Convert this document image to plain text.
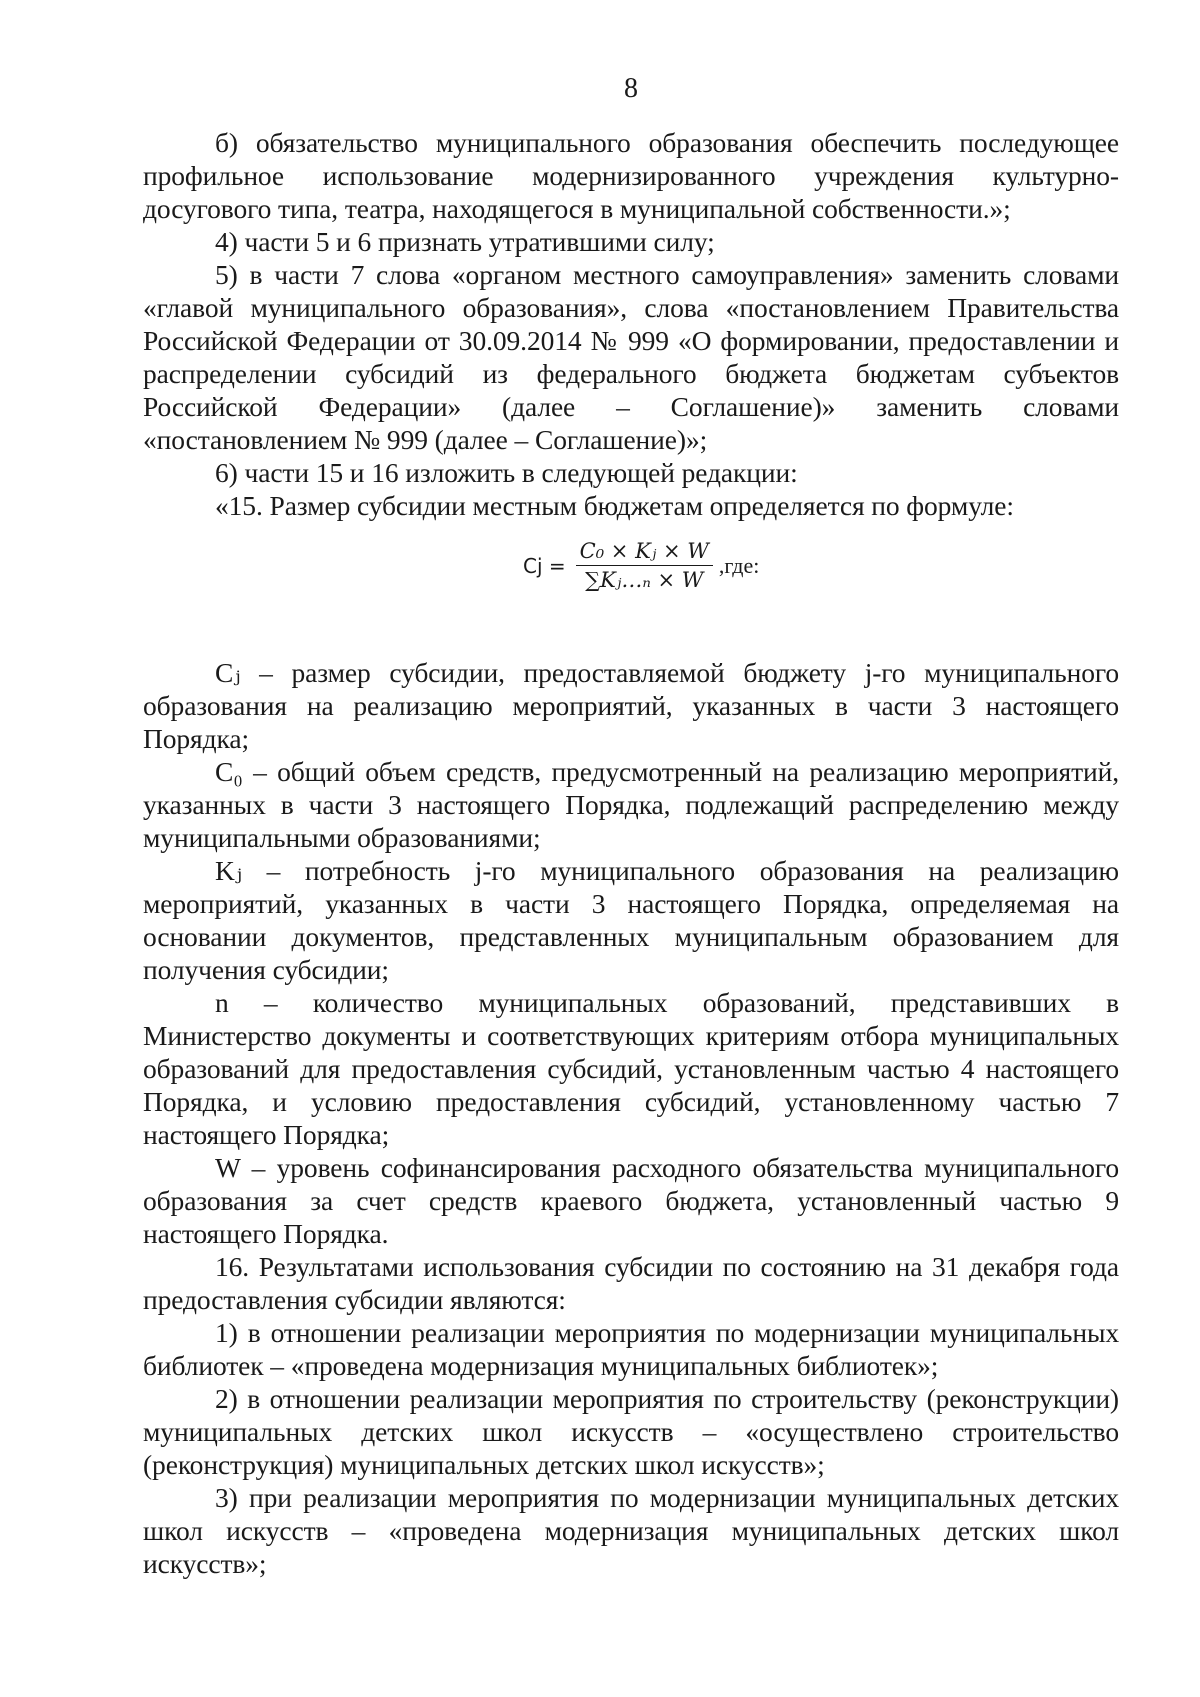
8

б) обязательство муниципального образования обеспечить последующее профильное использование модернизированного учреждения культурно-досугового типа, театра, находящегося в муниципальной собственности.»;

4) части 5 и 6 признать утратившими силу;

5) в части 7 слова «органом местного самоуправления» заменить словами «главой муниципального образования», слова «постановлением Правительства Российской Федерации от 30.09.2014 № 999 «О формировании, предоставлении и распределении субсидий из федерального бюджета бюджетам субъектов Российской Федерации» (далее – Соглашение)» заменить словами «постановлением № 999 (далее – Соглашение)»;

6) части 15 и 16 изложить в следующей редакции:

«15. Размер субсидии местным бюджетам определяется по формуле:

$Cj = \frac{\text{C₀ × Kⱼ × W}}{\text{∑Kⱼ…ₙ × W}} ,где$:

Cⱼ – размер субсидии, предоставляемой бюджету j-го муниципального образования на реализацию мероприятий, указанных в части 3 настоящего Порядка;

C₀ – общий объем средств, предусмотренный на реализацию мероприятий, указанных в части 3 настоящего Порядка, подлежащий распределению между муниципальными образованиями;

Kⱼ – потребность j-го муниципального образования на реализацию мероприятий, указанных в части 3 настоящего Порядка, определяемая на основании документов, представленных муниципальным образованием для получения субсидии;

n – количество муниципальных образований, представивших в Министерство документы и соответствующих критериям отбора муниципальных образований для предоставления субсидий, установленным частью 4 настоящего Порядка, и условию предоставления субсидий, установленному частью 7 настоящего Порядка;

W – уровень софинансирования расходного обязательства муниципального образования за счет средств краевого бюджета, установленный частью 9 настоящего Порядка.

16. Результатами использования субсидии по состоянию на 31 декабря года предоставления субсидии являются:

1) в отношении реализации мероприятия по модернизации муниципальных библиотек – «проведена модернизация муниципальных библиотек»;

2) в отношении реализации мероприятия по строительству (реконструкции) муниципальных детских школ искусств – «осуществлено строительство (реконструкция) муниципальных детских школ искусств»;

3) при реализации мероприятия по модернизации муниципальных детских школ искусств – «проведена модернизация муниципальных детских школ искусств»;
